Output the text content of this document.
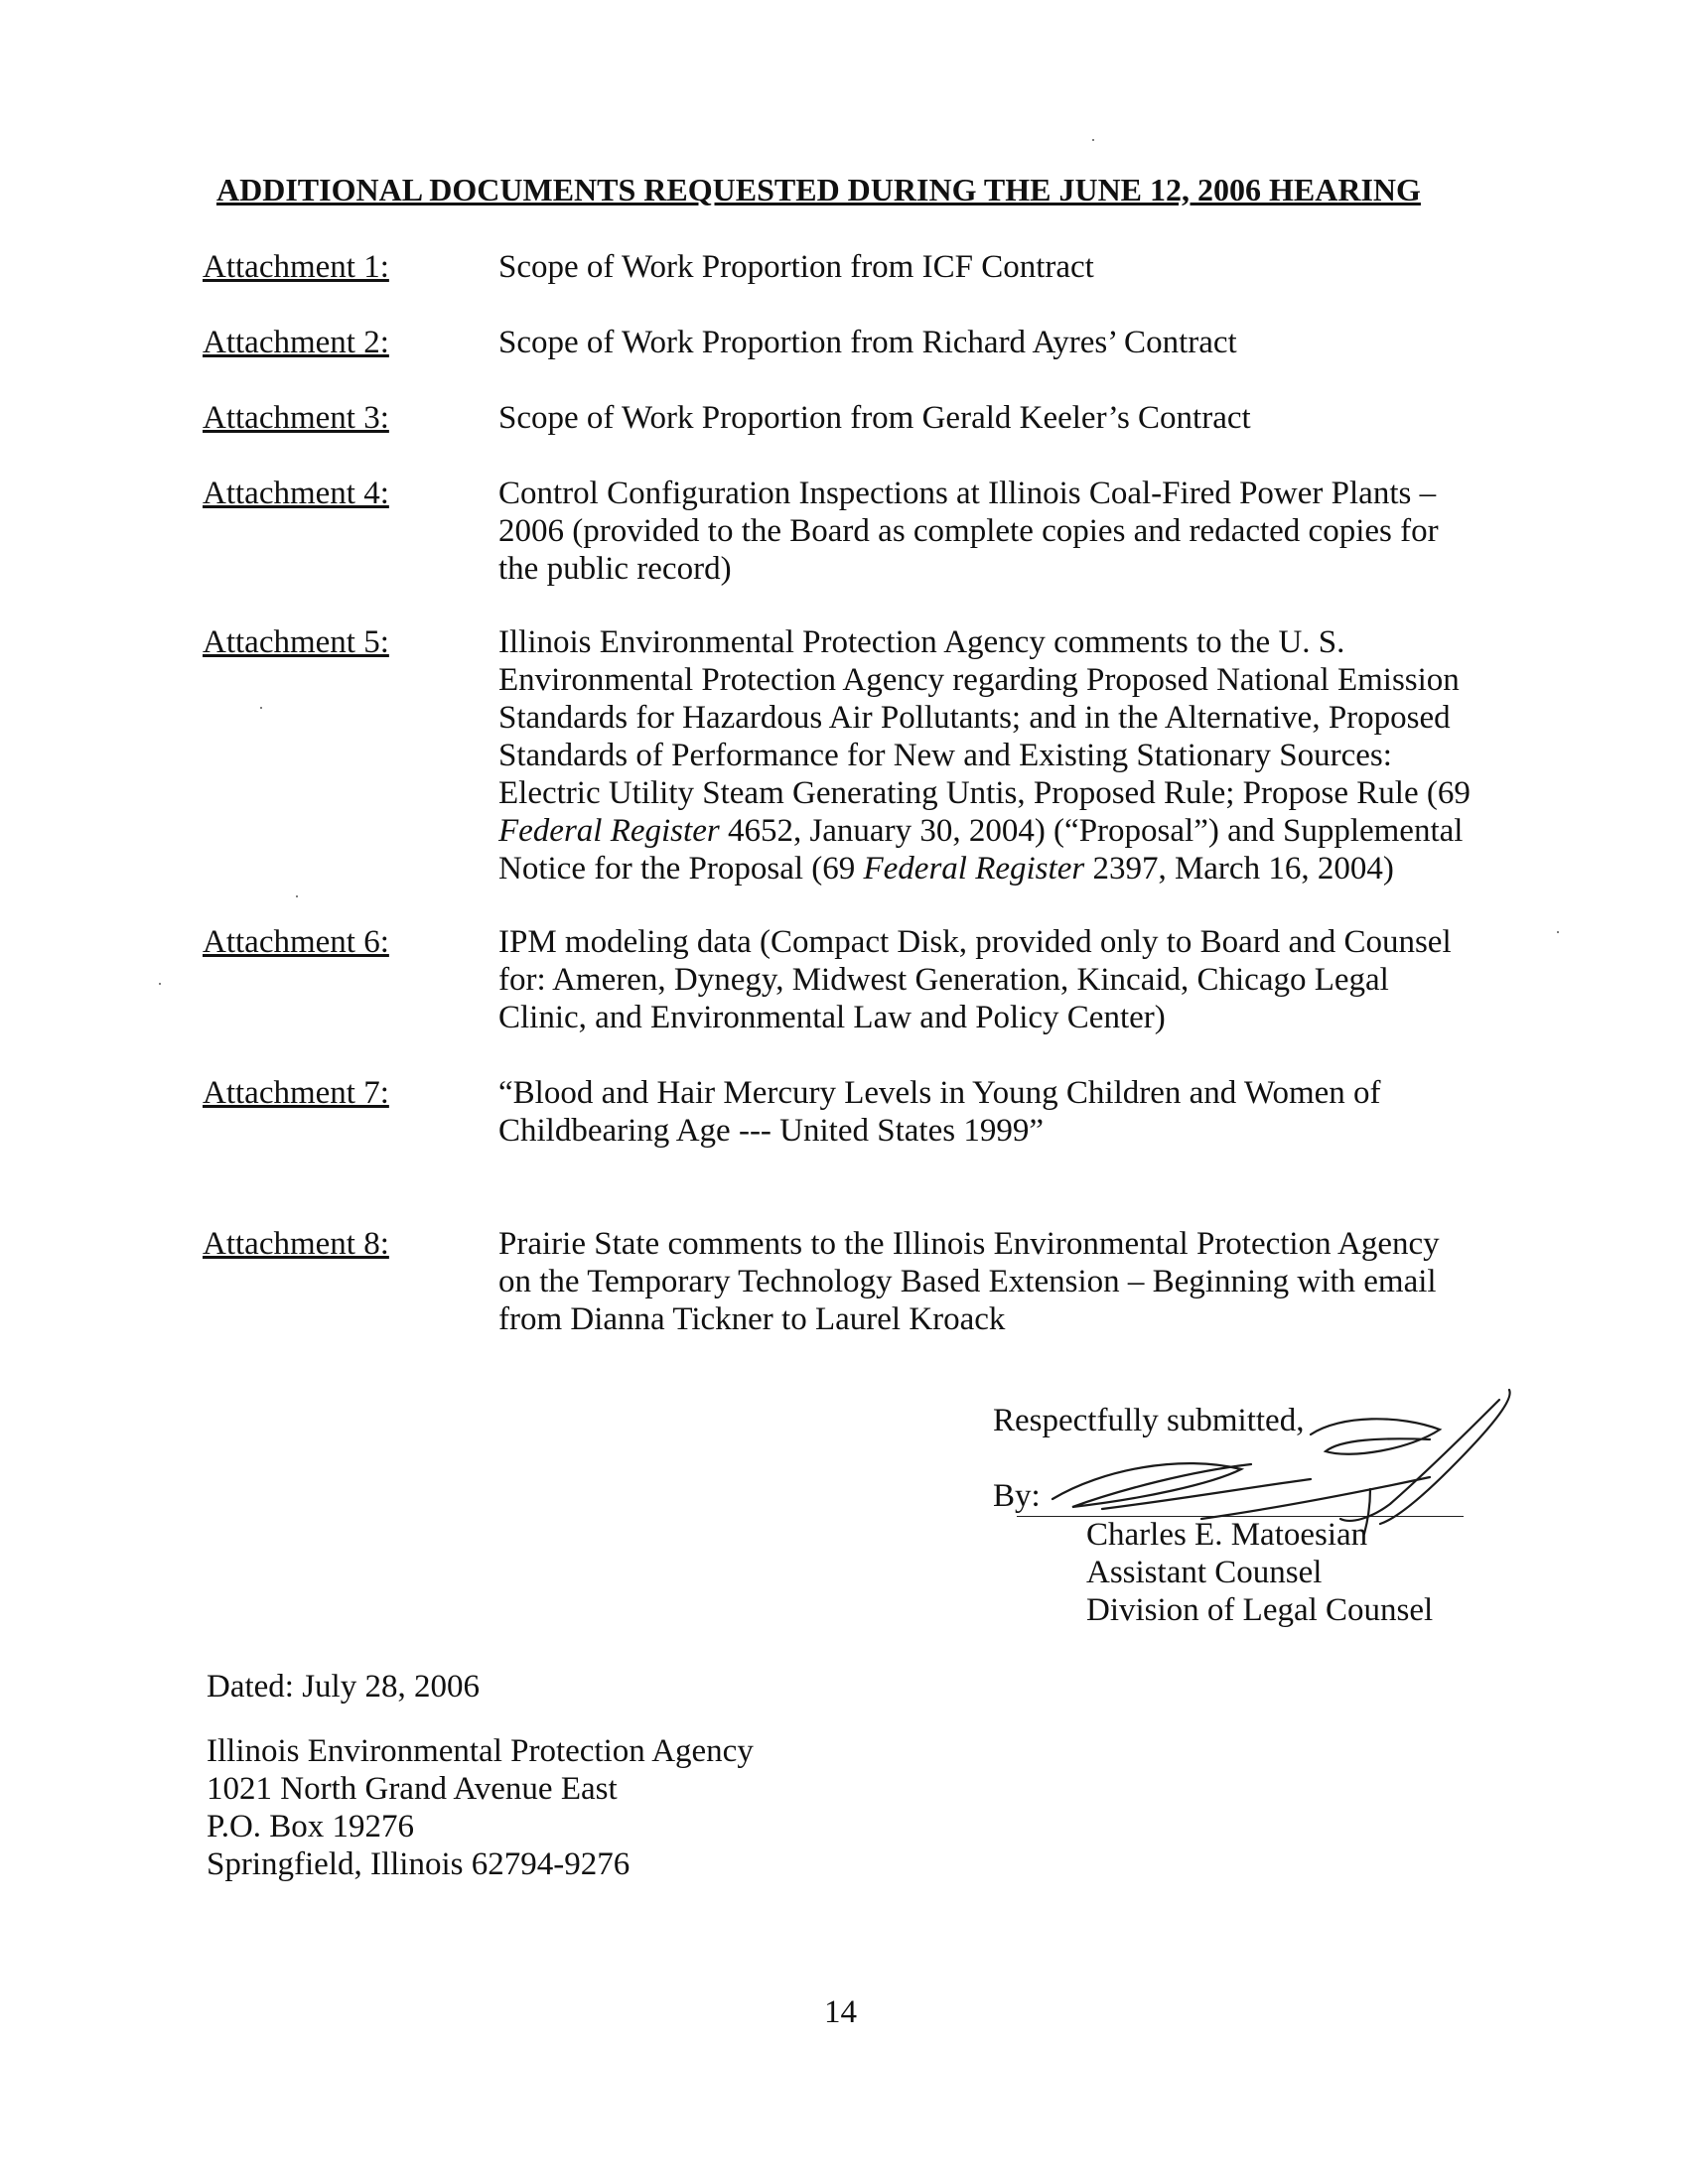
ADDITIONAL DOCUMENTS REQUESTED DURING THE JUNE 12, 2006 HEARING
Attachment 1:	Scope of Work Proportion from ICF Contract
Attachment 2:	Scope of Work Proportion from Richard Ayres’ Contract
Attachment 3:	Scope of Work Proportion from Gerald Keeler’s Contract
Attachment 4:	Control Configuration Inspections at Illinois Coal-Fired Power Plants – 2006 (provided to the Board as complete copies and redacted copies for the public record)
Attachment 5:	Illinois Environmental Protection Agency comments to the U. S. Environmental Protection Agency regarding Proposed National Emission Standards for Hazardous Air Pollutants; and in the Alternative, Proposed Standards of Performance for New and Existing Stationary Sources: Electric Utility Steam Generating Untis, Proposed Rule; Propose Rule (69 Federal Register 4652, January 30, 2004) (“Proposal”) and Supplemental Notice for the Proposal (69 Federal Register 2397, March 16, 2004)
Attachment 6:	IPM modeling data (Compact Disk, provided only to Board and Counsel for: Ameren, Dynegy, Midwest Generation, Kincaid, Chicago Legal Clinic, and Environmental Law and Policy Center)
Attachment 7:	“Blood and Hair Mercury Levels in Young Children and Women of Childbearing Age --- United States 1999”
Attachment 8:	Prairie State comments to the Illinois Environmental Protection Agency on the Temporary Technology Based Extension – Beginning with email from Dianna Tickner to Laurel Kroack
Respectfully submitted,
By:
Charles E. Matoesian
Assistant Counsel
Division of Legal Counsel
Dated: July 28, 2006
Illinois Environmental Protection Agency
1021 North Grand Avenue East
P.O. Box 19276
Springfield, Illinois 62794-9276
14
